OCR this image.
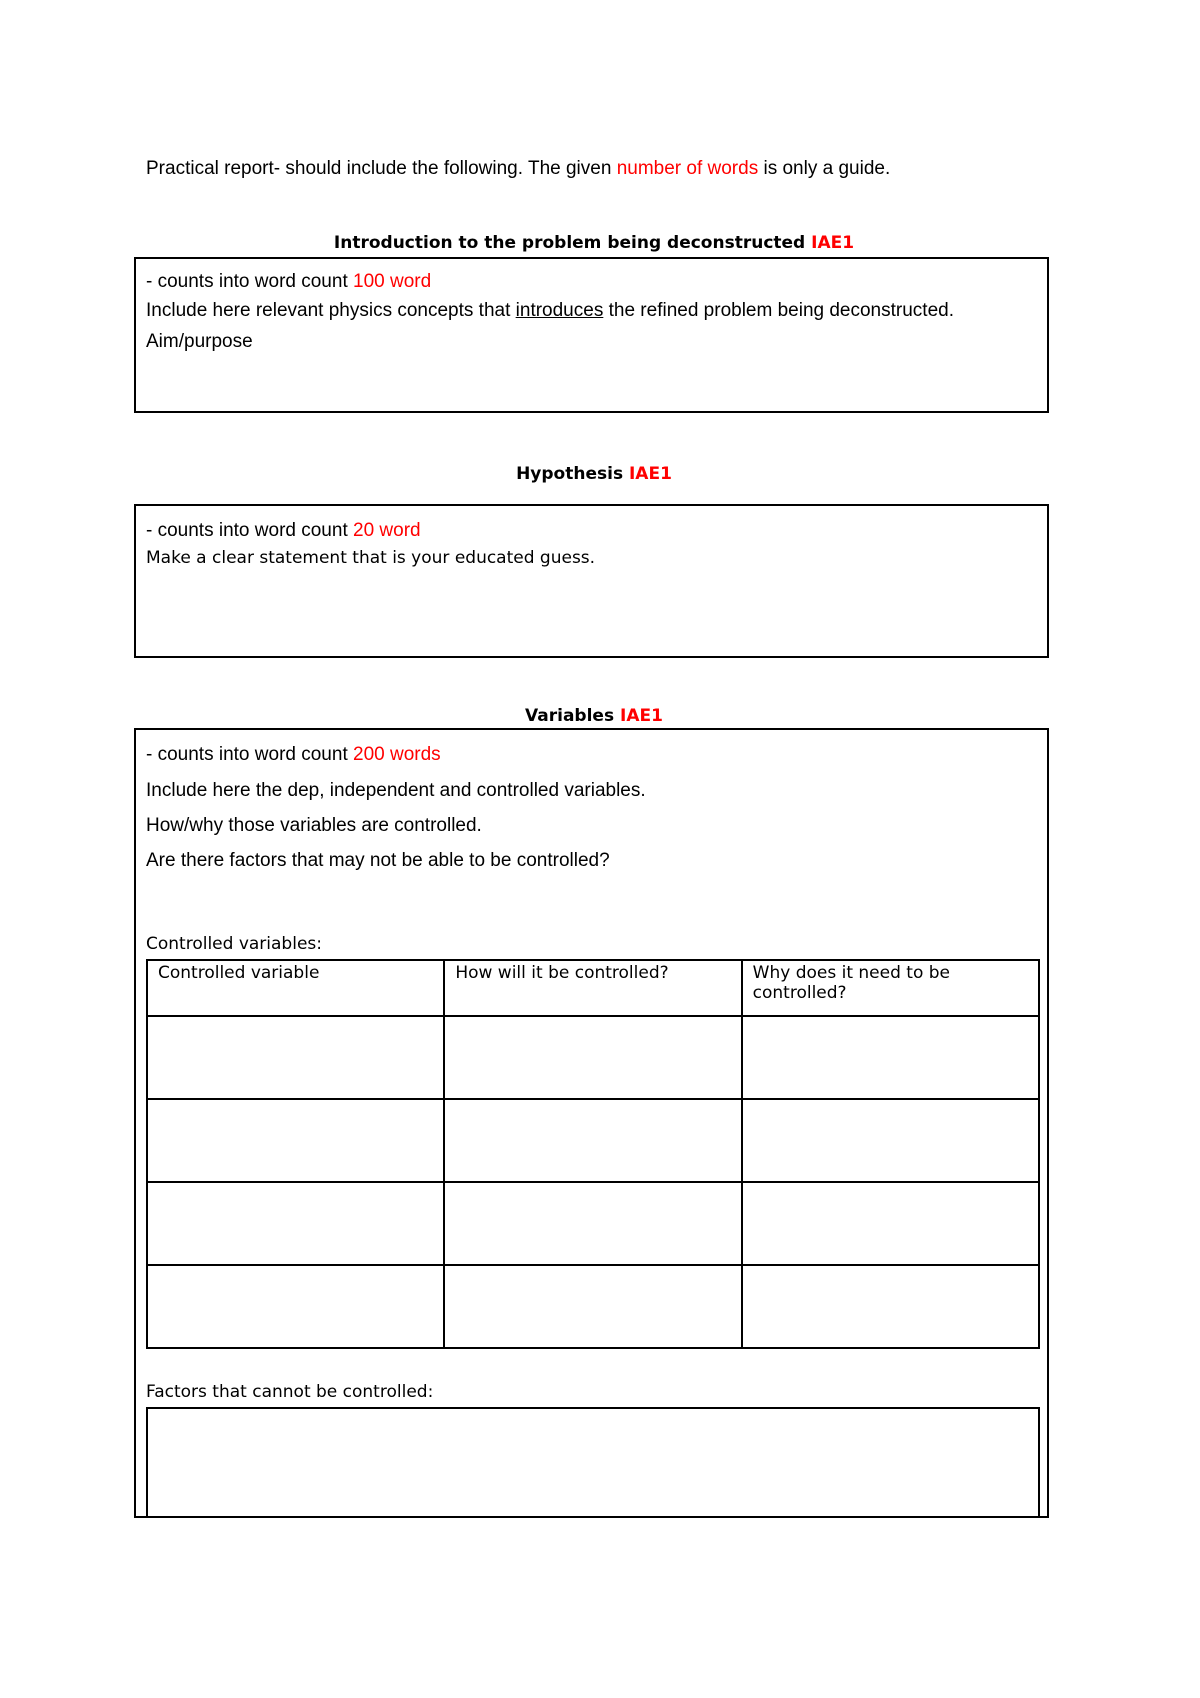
Practical report- should include the following. The given number of words is only a guide.
Introduction to the problem being deconstructed IAE1
- counts into word count 100 word
Include here relevant physics concepts that introduces the refined problem being deconstructed.
Aim/purpose
Hypothesis IAE1
- counts into word count 20 word
Make a clear statement that is your educated guess.
Variables IAE1
- counts into word count 200 words
Include here the dep, independent and controlled variables.
How/why those variables are controlled.
Are there factors that may not be able to be controlled?
Controlled variables:
Controlled variable	How will it be controlled?	Why does it need to be controlled?

Factors that cannot be controlled:
